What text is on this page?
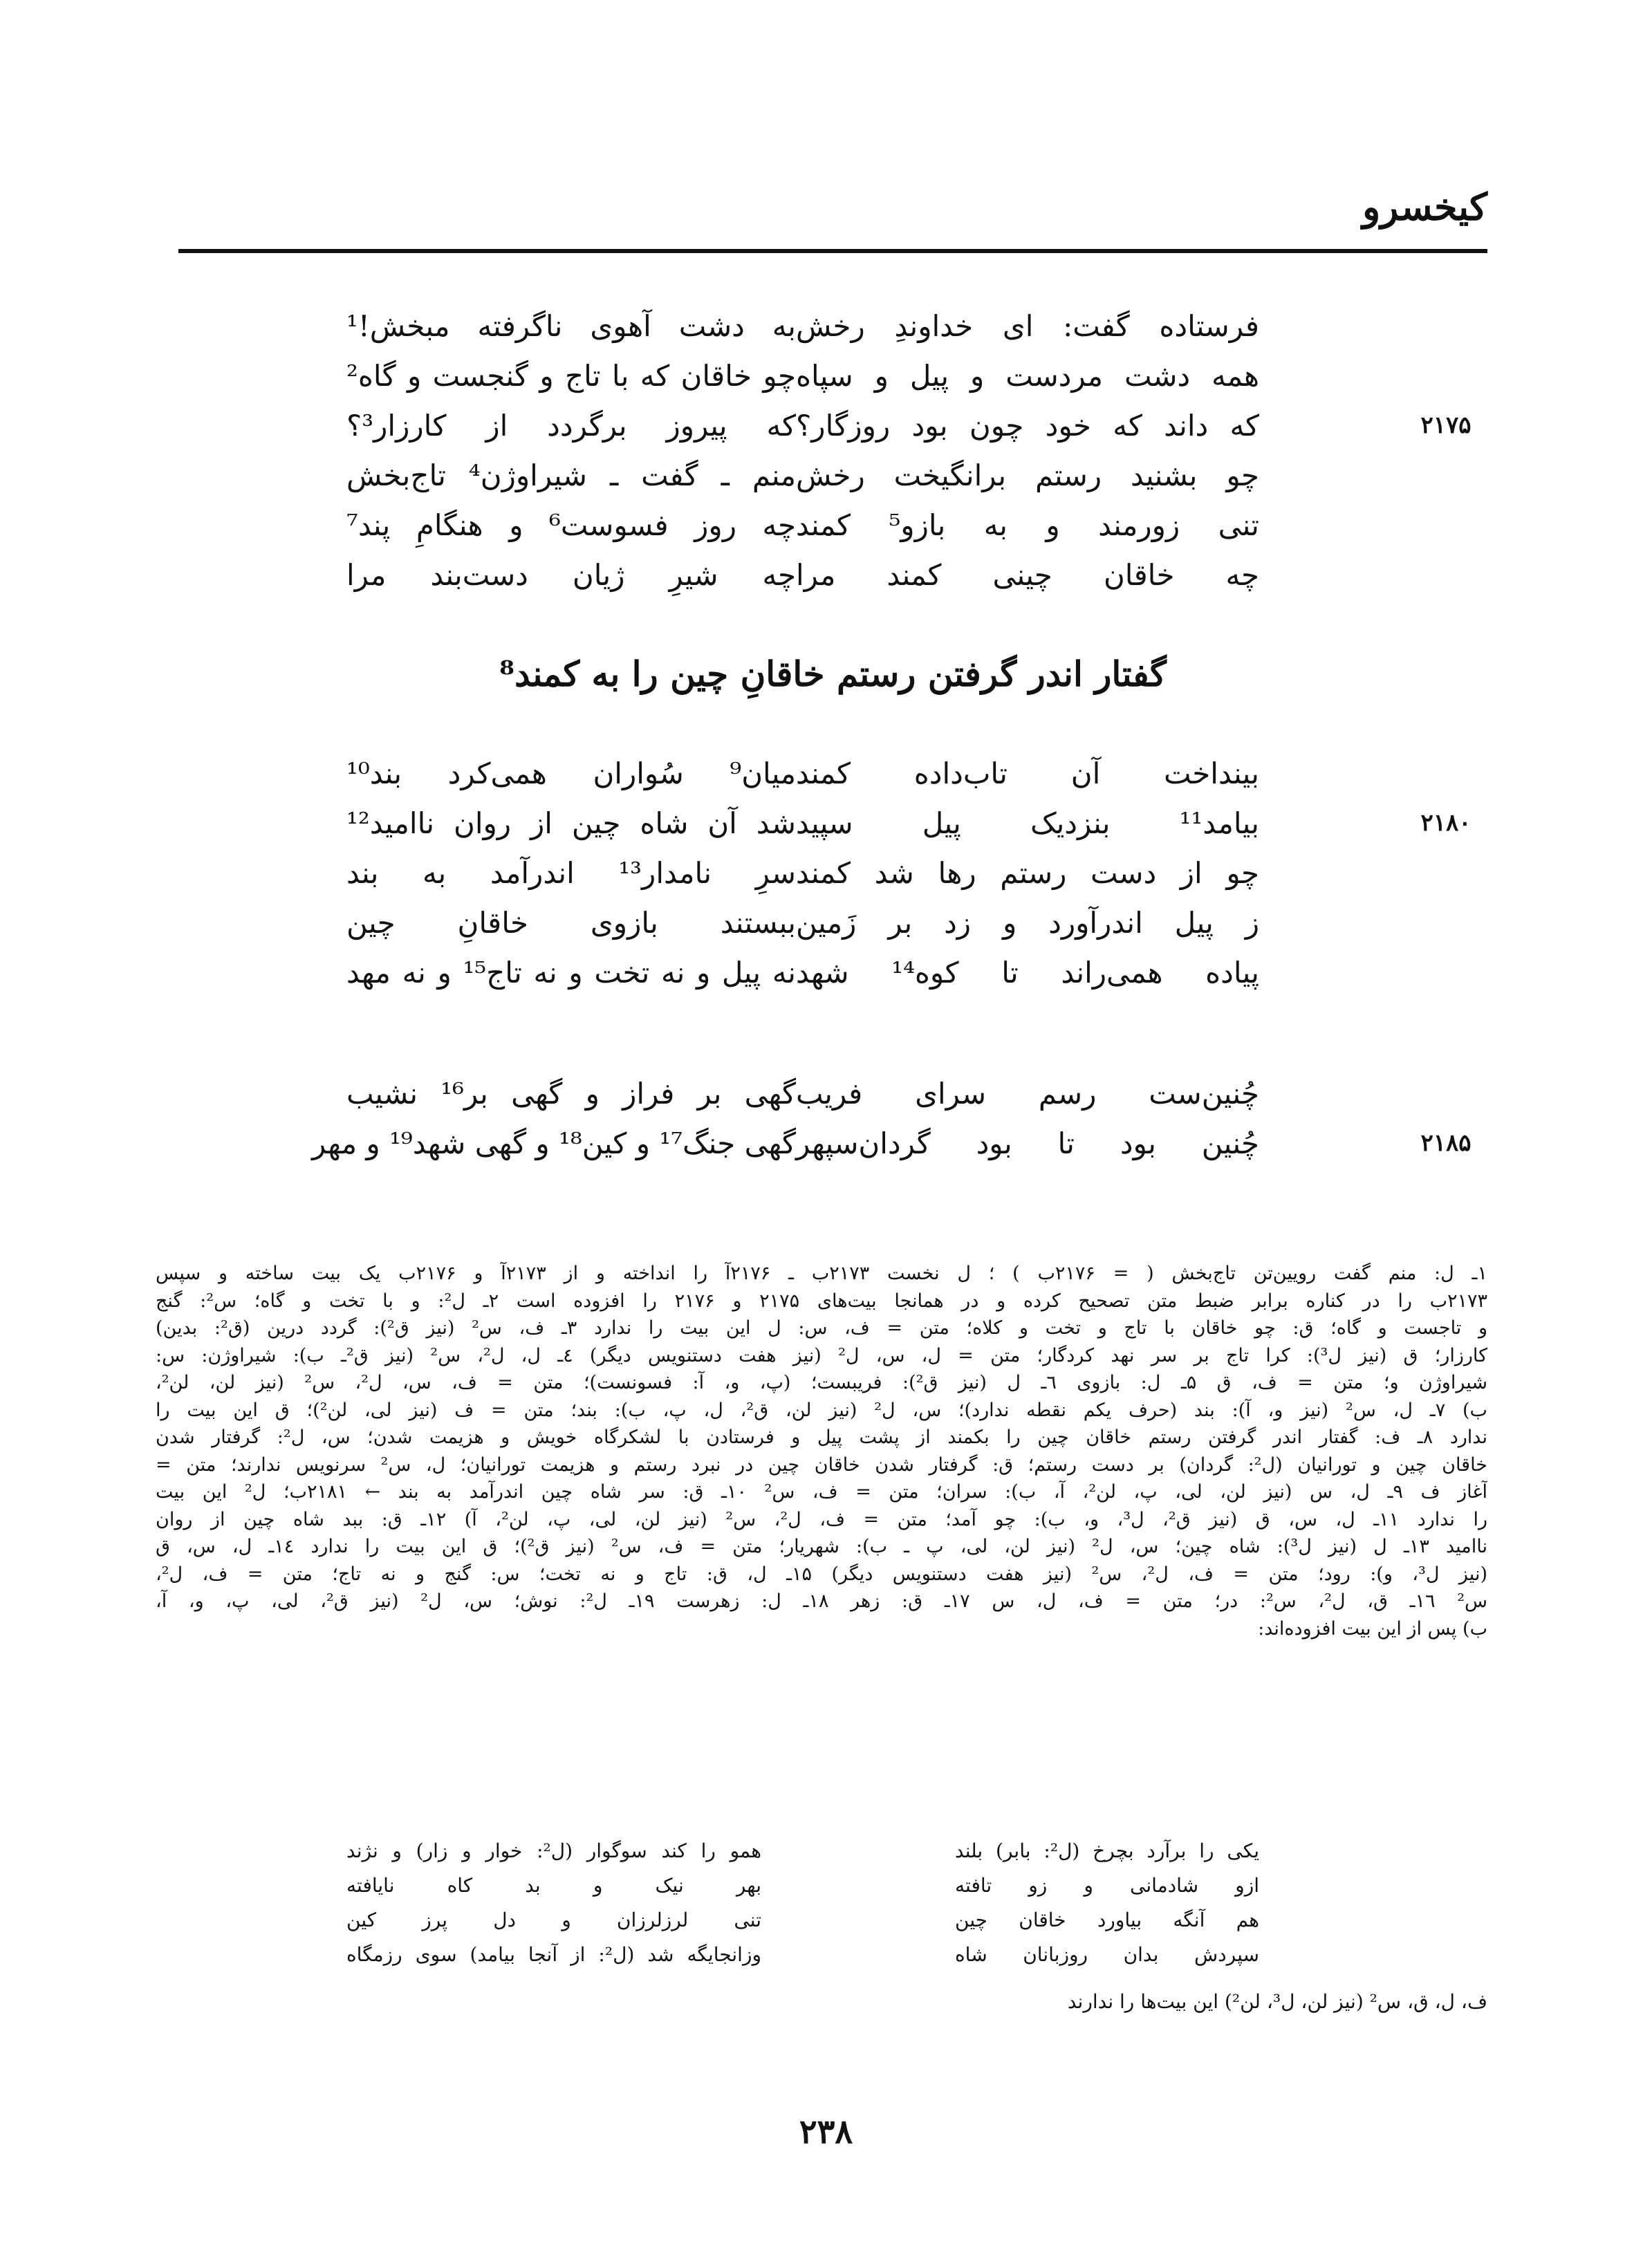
کیخسرو
فرستاده گفت: ای خداوندِ رخش
به دشت آهوی ناگرفته مبخش!¹
همه دشت مردست و پیل و سپاه
چو خاقان که با تاج و گنجست و گاه²
۲۱۷۵
که داند که خود چون بود روزگار؟
که پیروز برگردد از کارزار³؟
چو بشنید رستم برانگیخت رخش
منم ـ گفت ـ شیراوژن⁴ تاج‌بخش
تنی زورمند و به بازو⁵ کمند
چه روز فسوست⁶ و هنگامِ پند⁷
چه خاقان چینی کمند مرا
چه شیرِ ژیان دست‌بند مرا
گفتار اندر گرفتن رستم خاقانِ چین را به کمند⁸
بینداخت آن تاب‌داده کمند
میان⁹ سُواران همی‌کرد بند¹⁰
۲۱۸۰
بیامد¹¹ بنزدیک پیل سپید
شد آن شاه چین از روان ناامید¹²
چو از دست رستم رها شد کمند
سرِ نامدار¹³ اندرآمد به بند
ز پیل اندرآورد و زد بر زَمین
ببستند بازوی خاقانِ چین
پیاده همی‌راند تا کوه¹⁴ شهد
نه پیل و نه تخت و نه تاج¹⁵ و نه مهد
چُنین‌ست رسم سرای فریب
گهی بر فراز و گهی بر¹⁶ نشیب
۲۱۸۵
چُنین بود تا بود گردان‌سپهر
گهی جنگ¹⁷ و کین¹⁸ و گهی شهد¹⁹ و مهر
۱ـ ل: منم گفت رویین‌تن تاج‌بخش ( = ۲۱۷۶ب ) ؛ ل نخست ۲۱۷۳ب ـ ۲۱۷۶آ را انداخته و از ۲۱۷۳آ و ۲۱۷۶ب یک بیت ساخته و سپس
۲۱۷۳ب را در کناره برابر ضبط متن تصحیح کرده و در همانجا بیت‌های ۲۱۷۵ و ۲۱۷۶ را افزوده است ۲ـ ل²: و با تخت و گاه؛ س²: گنج
و تاجست و گاه؛ ق: چو خاقان با تاج و تخت و کلاه؛ متن = ف، س: ل این بیت را ندارد ۳ـ ف، س² (نیز ق²): گردد درین (ق²: بدین)
کارزار؛ ق (نیز ل³): کرا تاج بر سر نهد کردگار؛ متن = ل، س، ل² (نیز هفت دستنویس دیگر) ٤ـ ل، ل²، س² (نیز ق²ـ ب): شیراوژن: س:
شیراوژن و؛ متن = ف، ق ۵ـ ل: بازوی ٦ـ ل (نیز ق²): فریبست؛ (پ، و، آ: فسونست)؛ متن = ف، س، ل²، س² (نیز لن، لن²،
ب) ۷ـ ل، س² (نیز و، آ): بند (حرف یکم نقطه ندارد)؛ س، ل² (نیز لن، ق²، ل، پ، ب): بند؛ متن = ف (نیز لی، لن²)؛ ق این بیت را
ندارد ۸ـ ف: گفتار اندر گرفتن رستم خاقان چین را بکمند از پشت پیل و فرستادن با لشکرگاه خویش و هزیمت شدن؛ س، ل²: گرفتار شدن
خاقان چین و تورانیان (ل²: گردان) بر دست رستم؛ ق: گرفتار شدن خاقان چین در نبرد رستم و هزیمت تورانیان؛ ل، س² سرنویس ندارند؛ متن =
آغاز ف ۹ـ ل، س (نیز لن، لی، پ، لن²، آ، ب): سران؛ متن = ف، س² ۱۰ـ ق: سر شاه چین اندرآمد به بند ← ۲۱۸۱ب؛ ل² این بیت
را ندارد ۱۱ـ ل، س، ق (نیز ق²، ل³، و، ب): چو آمد؛ متن = ف، ل²، س² (نیز لن، لی، پ، لن²، آ) ۱۲ـ ق: ببد شاه چین از روان
ناامید ۱۳ـ ل (نیز ل³): شاه چین؛ س، ل² (نیز لن، لی، پ ـ ب): شهریار؛ متن = ف، س² (نیز ق²)؛ ق این بیت را ندارد ۱٤ـ ل، س، ق
(نیز ل³، و): رود؛ متن = ف، ل²، س² (نیز هفت دستنویس دیگر) ۱۵ـ ل، ق: تاج و نه تخت؛ س: گنج و نه تاج؛ متن = ف، ل²،
س² ۱٦ـ ق، ل²، س²: در؛ متن = ف، ل، س ۱۷ـ ق: زهر ۱۸ـ ل: زهرست ۱۹ـ ل²: نوش؛ س، ل² (نیز ق²، لی، پ، و، آ،
ب) پس از این بیت افزوده‌اند:
یکی را برآرد بچرخ (ل²: بابر) بلند
همو را کند سوگوار (ل²: خوار و زار) و نژند
ازو شادمانی و زو تافته
بهر نیک و بد کاه نایافته
هم آنگه بیاورد خاقان چین
تنی لرزلرزان و دل پرز کین
سپردش بدان روزبانان شاه
وزانجایگه شد (ل²: از آنجا بیامد) سوی رزمگاه
ف، ل، ق، س² (نیز لن، ل³، لن²) این بیت‌ها را ندارند
۲۳۸
